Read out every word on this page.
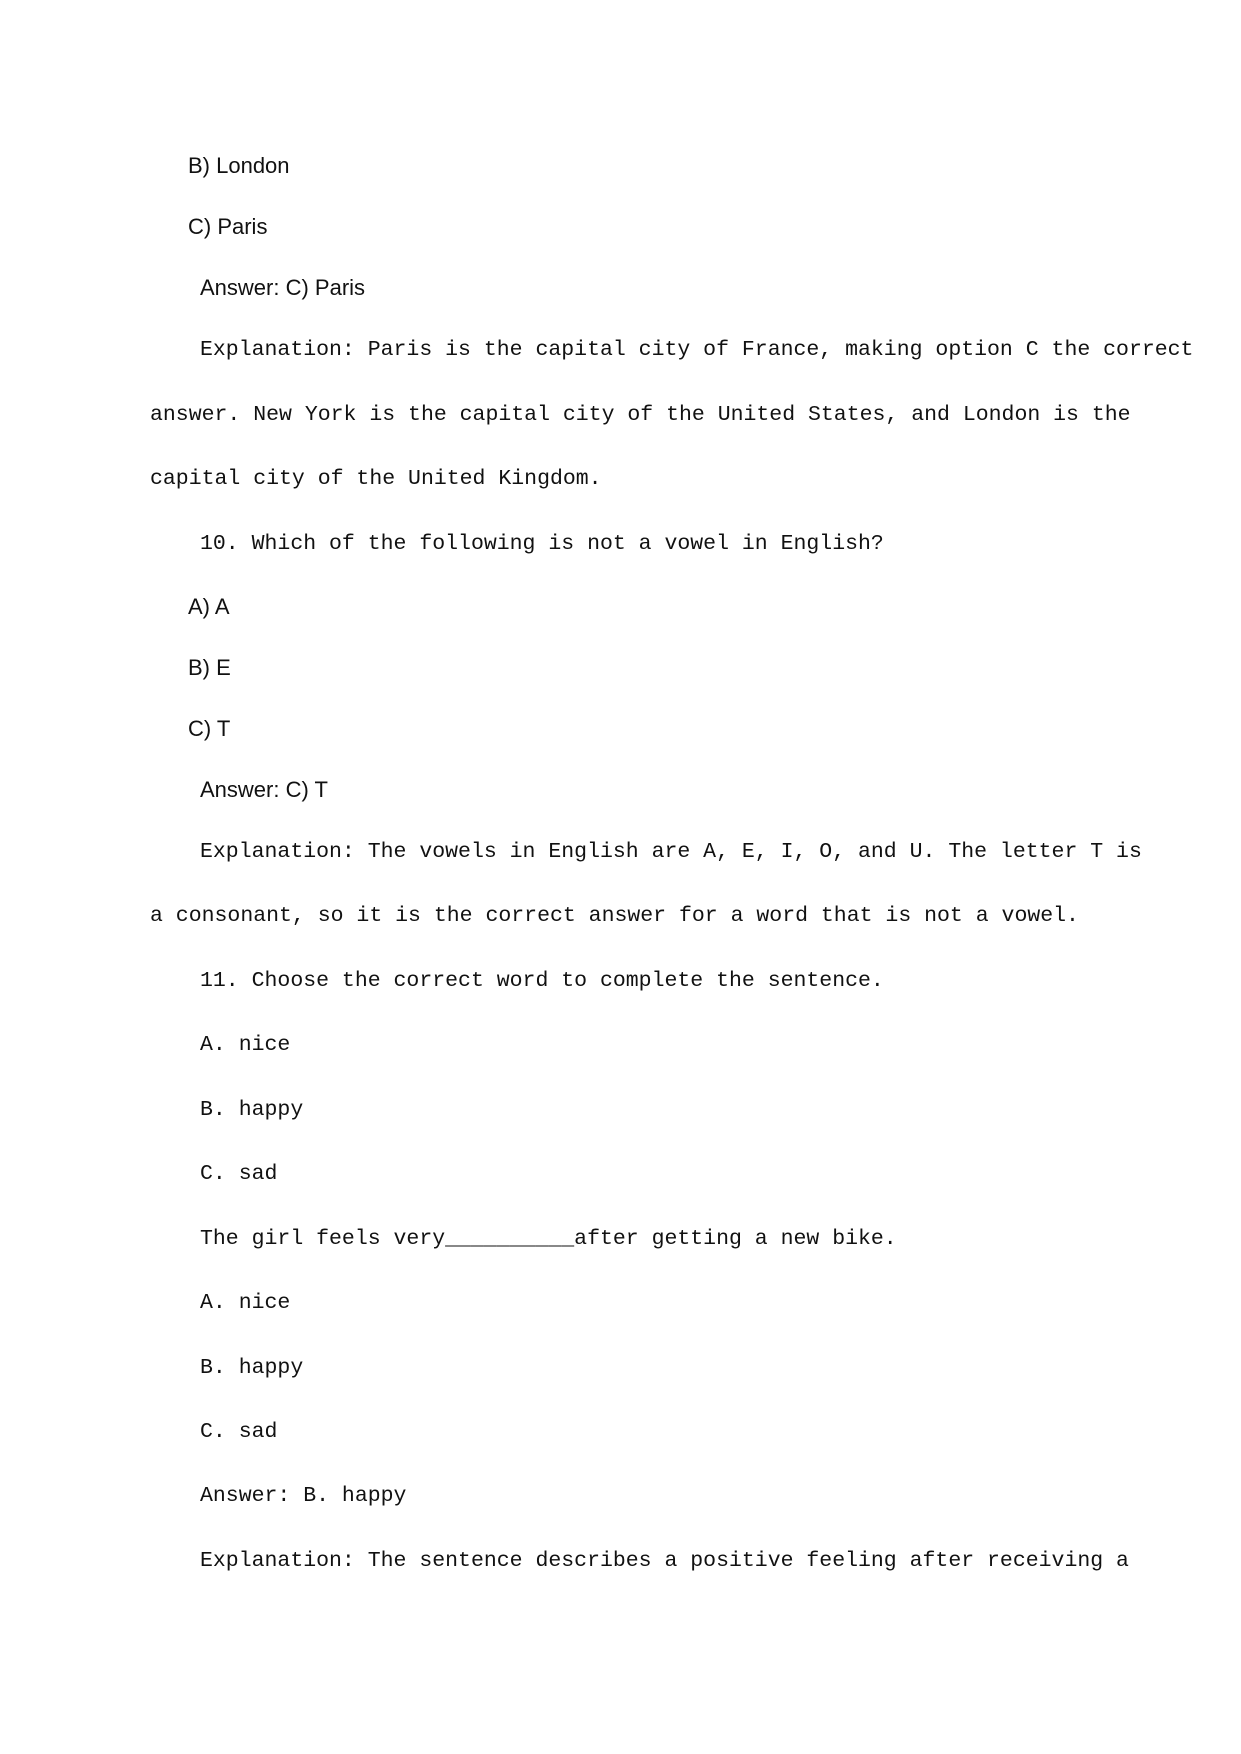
B) London
C) Paris
Answer: C) Paris
Explanation: Paris is the capital city of France, making option C the correct
answer. New York is the capital city of the United States, and London is the
capital city of the United Kingdom.
10. Which of the following is not a vowel in English?
A) A
B) E
C) T
Answer: C) T
Explanation: The vowels in English are A, E, I, O, and U. The letter T is
a consonant, so it is the correct answer for a word that is not a vowel.
11. Choose the correct word to complete the sentence.
A. nice
B. happy
C. sad
The girl feels very__________after getting a new bike.
A. nice
B. happy
C. sad
Answer: B. happy
Explanation: The sentence describes a positive feeling after receiving a
